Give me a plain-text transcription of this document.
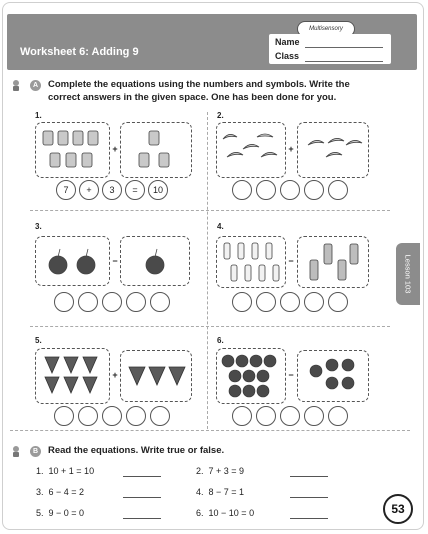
Multisensory
Worksheet 6: Adding 9
Name
Class
A	Complete the equations using the numbers and symbols. Write the
correct answers in the given space. One has been done for you.
1.
+
7	+	3	=	10
2.
+
3.
−
4.
−
5.
+
6.
−
Lesson 103
B	Read the equations. Write true or false.
1. 10 + 1 = 10	2. 7 + 3 = 9
3. 6 − 4 = 2	4. 8 − 7 = 1
5. 9 − 0 = 0	6. 10 − 10 = 0	53
